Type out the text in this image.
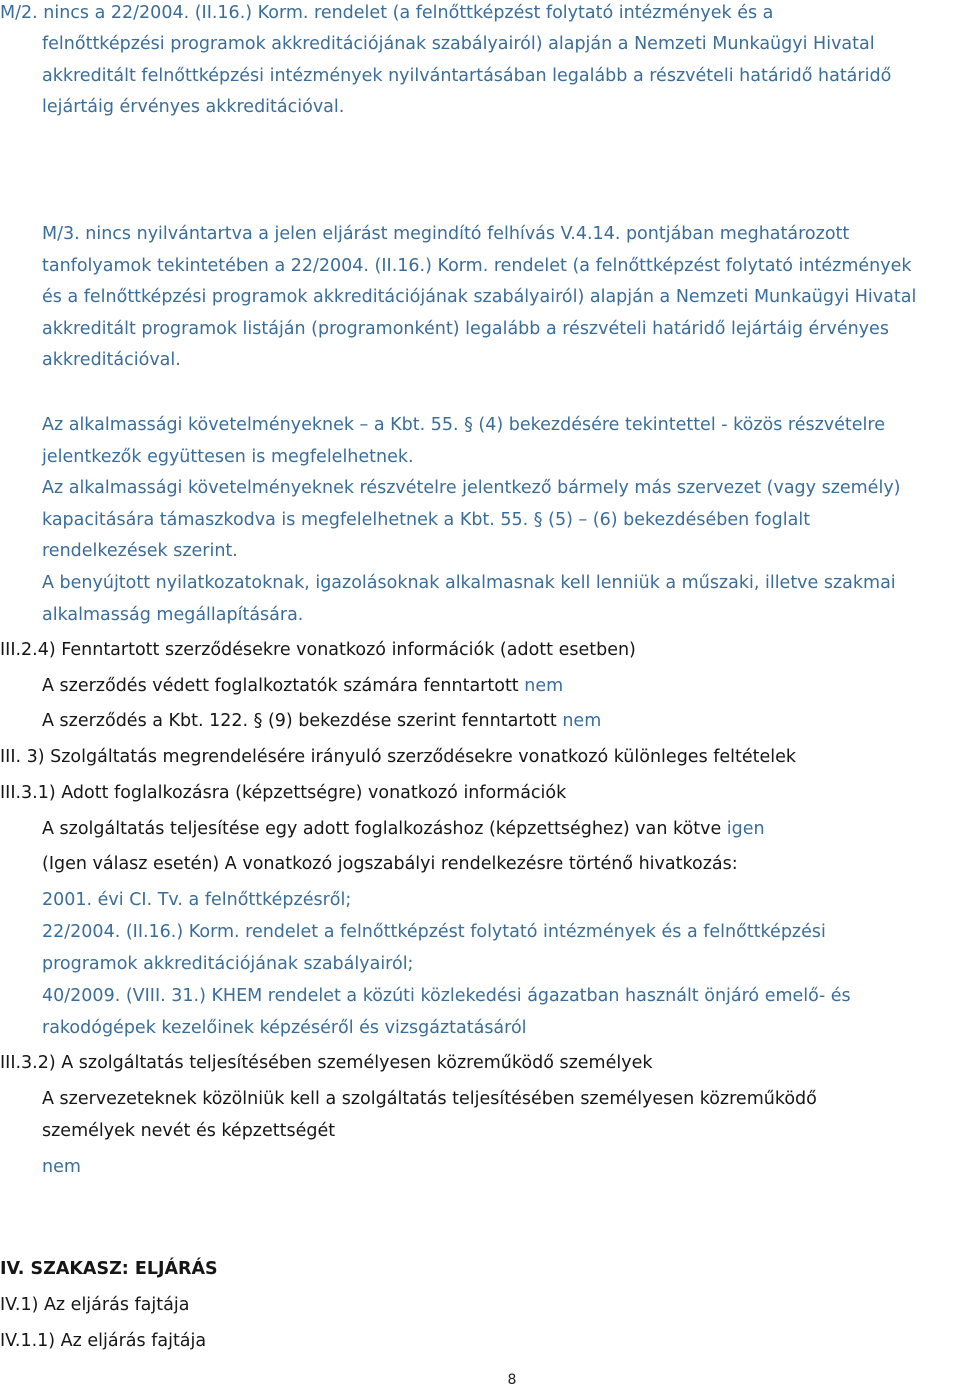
M/2. nincs a 22/2004. (II.16.) Korm. rendelet (a felnőttképzést folytató intézmények és a
felnőttképzési programok akkreditációjának szabályairól) alapján a Nemzeti Munkaügyi Hivatal
akkreditált felnőttképzési intézmények nyilvántartásában legalább a részvételi határidő határidő
lejártáig érvényes akkreditációval.
M/3. nincs nyilvántartva a jelen eljárást megindító felhívás V.4.14. pontjában meghatározott
tanfolyamok tekintetében a 22/2004. (II.16.) Korm. rendelet (a felnőttképzést folytató intézmények
és a felnőttképzési programok akkreditációjának szabályairól) alapján a Nemzeti Munkaügyi Hivatal
akkreditált programok listáján (programonként) legalább a részvételi határidő lejártáig érvényes
akkreditációval.
Az alkalmassági követelményeknek – a Kbt. 55. § (4) bekezdésére tekintettel - közös részvételre
jelentkezők együttesen is megfelelhetnek.
Az alkalmassági követelményeknek részvételre jelentkező bármely más szervezet (vagy személy)
kapacitására támaszkodva is megfelelhetnek a Kbt. 55. § (5) – (6) bekezdésében foglalt
rendelkezések szerint.
A benyújtott nyilatkozatoknak, igazolásoknak alkalmasnak kell lenniük a műszaki, illetve szakmai
alkalmasság megállapítására.
III.2.4) Fenntartott szerződésekre vonatkozó információk (adott esetben)
A szerződés védett foglalkoztatók számára fenntartott nem
A szerződés a Kbt. 122. § (9) bekezdése szerint fenntartott nem
III. 3) Szolgáltatás megrendelésére irányuló szerződésekre vonatkozó különleges feltételek
III.3.1) Adott foglalkozásra (képzettségre) vonatkozó információk
A szolgáltatás teljesítése egy adott foglalkozáshoz (képzettséghez) van kötve igen
(Igen válasz esetén) A vonatkozó jogszabályi rendelkezésre történő hivatkozás:
2001. évi CI. Tv. a felnőttképzésről;
22/2004. (II.16.) Korm. rendelet a felnőttképzést folytató intézmények és a felnőttképzési
programok akkreditációjának szabályairól;
40/2009. (VIII. 31.) KHEM rendelet a közúti közlekedési ágazatban használt önjáró emelő- és
rakodógépek kezelőinek képzéséről és vizsgáztatásáról
III.3.2) A szolgáltatás teljesítésében személyesen közreműködő személyek
A szervezeteknek közölniük kell a szolgáltatás teljesítésében személyesen közreműködő
személyek nevét és képzettségét
nem
IV. SZAKASZ: ELJÁRÁS
IV.1) Az eljárás fajtája
IV.1.1) Az eljárás fajtája
8
